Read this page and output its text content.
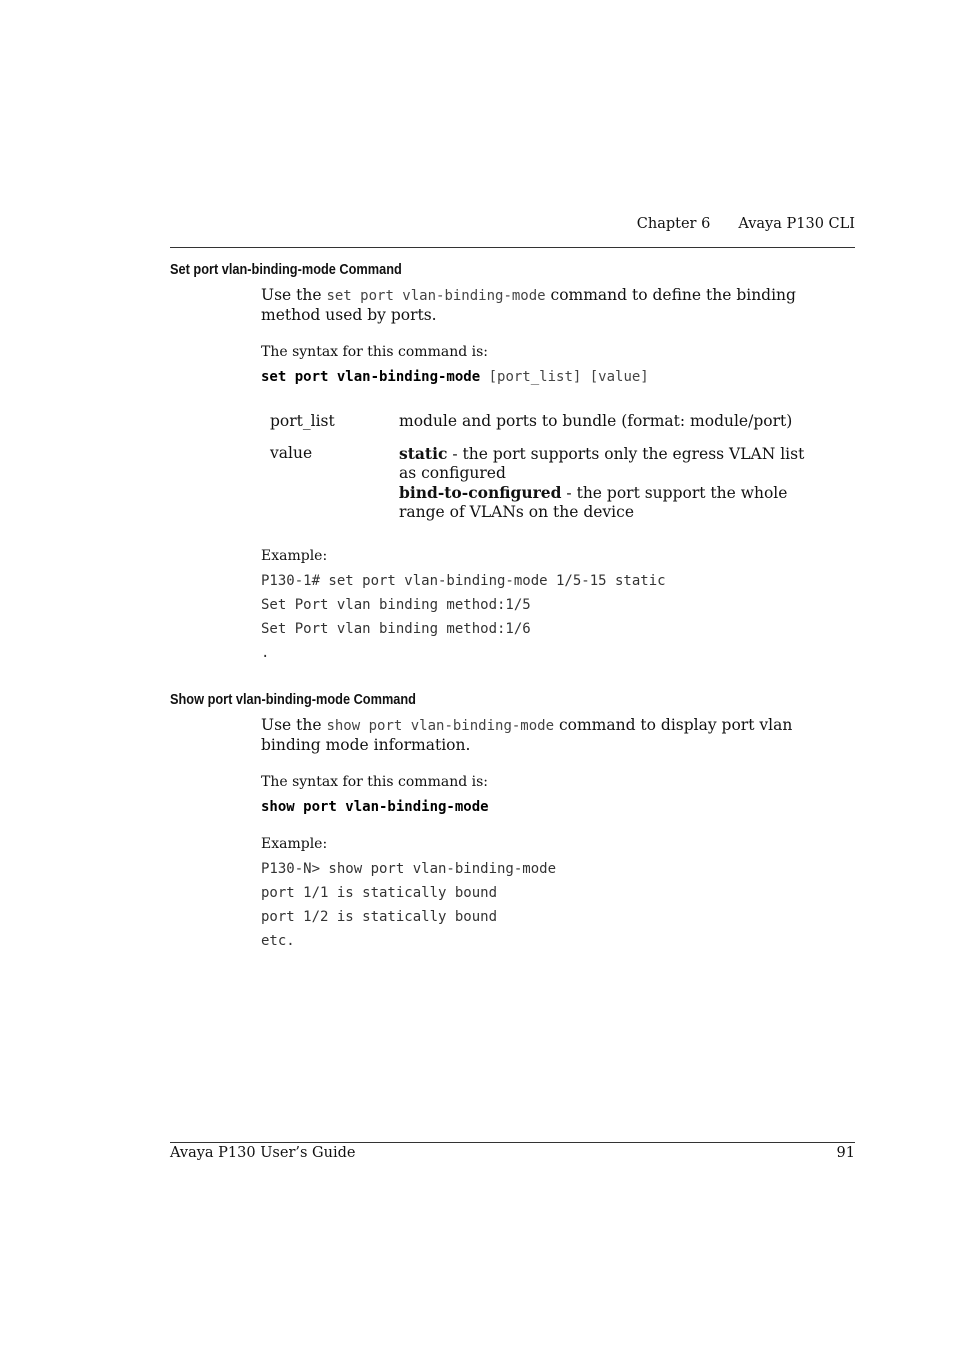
Chapter 6 Avaya P130 CLI
Set port vlan-binding-mode Command
Use the set port vlan-binding-mode command to define the binding method used by ports.
The syntax for this command is:
set port vlan-binding-mode [port_list] [value]
port_list	module and ports to bundle (format: module/port)
value	static - the port supports only the egress VLAN list as configured
bind-to-configured - the port support the whole range of VLANs on the device
Example:
P130-1# set port vlan-binding-mode 1/5-15 static
Set Port vlan binding method:1/5
Set Port vlan binding method:1/6
.
Show port vlan-binding-mode Command
Use the show port vlan-binding-mode command to display port vlan binding mode information.
The syntax for this command is:
show port vlan-binding-mode
Example:
P130-N> show port vlan-binding-mode
port 1/1 is statically bound
port 1/2 is statically bound
etc.
Avaya P130 User’s Guide	91
